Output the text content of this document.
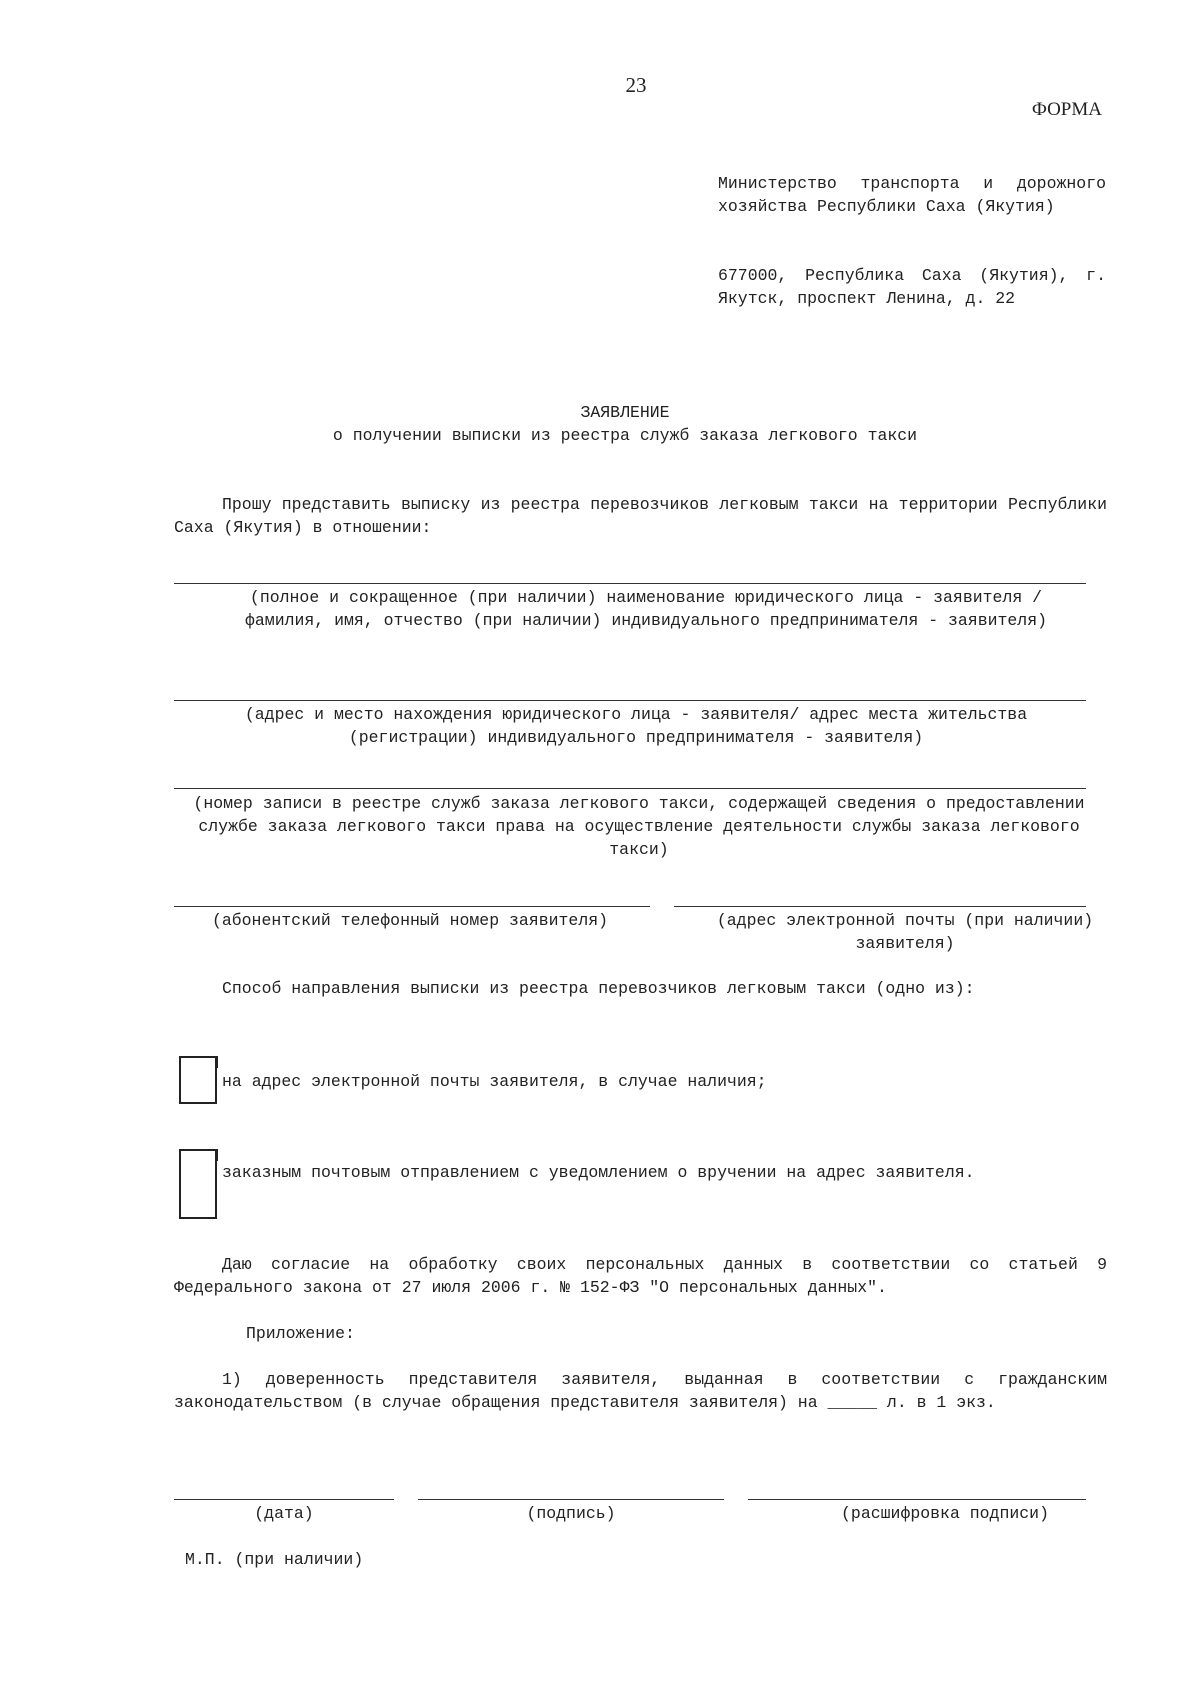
23
ФОРМА
Министерство транспорта и дорожного хозяйства Республики Саха (Якутия)
677000, Республика Саха (Якутия), г. Якутск, проспект Ленина, д. 22
ЗАЯВЛЕНИЕ
о получении выписки из реестра служб заказа легкового такси
Прошу представить выписку из реестра перевозчиков легковым такси на территории Республики Саха (Якутия) в отношении:
(полное и сокращенное (при наличии) наименование юридического лица - заявителя / фамилия, имя, отчество (при наличии) индивидуального предпринимателя - заявителя)
(адрес и место нахождения юридического лица - заявителя/ адрес места жительства (регистрации) индивидуального предпринимателя - заявителя)
(номер записи в реестре служб заказа легкового такси, содержащей сведения о предоставлении службе заказа легкового такси права на осуществление деятельности службы заказа легкового такси)
(абонентский телефонный номер заявителя)	(адрес электронной почты (при наличии) заявителя)
Способ направления выписки из реестра перевозчиков легковым такси (одно из):
на адрес электронной почты заявителя, в случае наличия;
заказным почтовым отправлением с уведомлением о вручении на адрес заявителя.
Даю согласие на обработку своих персональных данных в соответствии со статьей 9 Федерального закона от 27 июля 2006 г. № 152-ФЗ "О персональных данных".
Приложение:
1) доверенность представителя заявителя, выданная в соответствии с гражданским законодательством (в случае обращения представителя заявителя) на _____ л. в 1 экз.
(дата)	(подпись)	(расшифровка подписи)
М.П. (при наличии)
